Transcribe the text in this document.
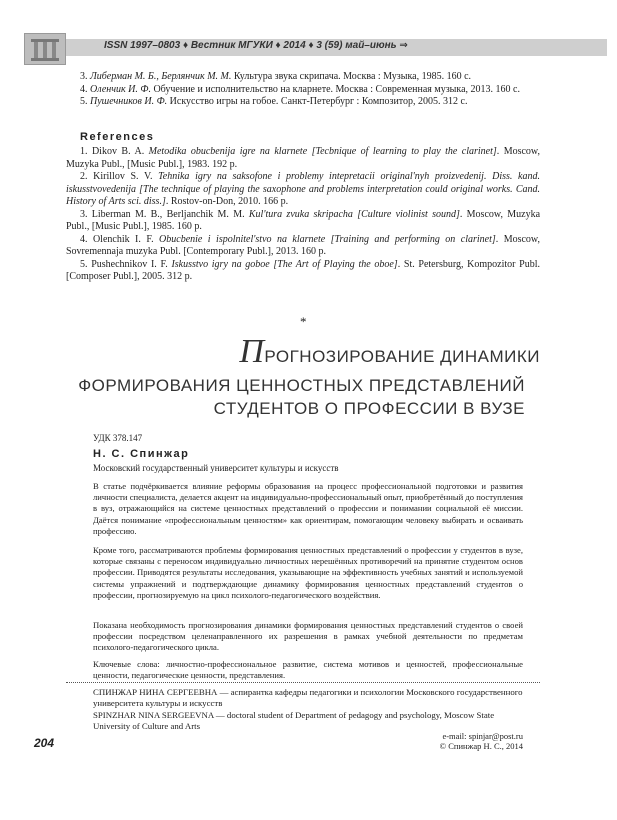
ISSN 1997–0803 ♦ Вестник МГУКИ ♦ 2014 ♦ 3 (59) май–июнь ⇒

3. Либерман М. Б., Берлянчик М. М. Культура звука скрипача. Москва : Музыка, 1985. 160 с.

4. Оленчик И. Ф. Обучение и исполнительство на кларнете. Москва : Современная музыка, 2013. 160 с.

5. Пушечников И. Ф. Искусство игры на гобое. Санкт-Петербург : Композитор, 2005. 312 с.

References

1. Dikov B. A. Metodika obucbenija igre na klarnete [Tecbnique of learning to play the clarinet]. Moscow, Muzyka Publ., [Music Publ.], 1983. 192 p.

2. Kirillov S. V. Tehnika igry na saksofone i problemy intepretacii original'nyh proizvedenij. Diss. kand. iskusstvovedenija [The technique of playing the saxophone and problems interpretation could original works. Cand. History of Arts sci. diss.]. Rostov-on-Don, 2010. 166 p.

3. Liberman M. B., Berljanchik M. M. Kul'tura zvuka skripacha [Culture violinist sound]. Moscow, Muzyka Publ., [Music Publ.], 1985. 160 p.

4. Olenchik I. F. Obucbenie i ispolnitel'stvo na klarnete [Training and performing on clarinet]. Moscow, Sovremennaja muzyka Publ. [Contemporary Publ.], 2013. 160 p.

5. Pushechnikov I. F. Iskusstvo igry na goboe [The Art of Playing the oboe]. St. Petersburg, Kompozitor Publ. [Composer Publ.], 2005. 312 p.

*
ПРОГНОЗИРОВАНИЕ ДИНАМИКИ
ФОРМИРОВАНИЯ ЦЕННОСТНЫХ ПРЕДСТАВЛЕНИЙ
СТУДЕНТОВ О ПРОФЕССИИ В ВУЗЕ
УДК 378.147
Н. С. Спинжар
Московский государственный университет культуры и искусств
В статье подчёркивается влияние реформы образования на процесс профессиональной подготовки и развития личности специалиста, делается акцент на индивидуально-профессиональный опыт, приобретённый до поступления в вуз, отражающийся на системе ценностных представлений о профессии и понимании социальной её миссии. Даётся понимание «профессиональным ценностям» как ориентирам, помогающим человеку выбирать и осваивать профессию.
Кроме того, рассматриваются проблемы формирования ценностных представлений о профессии у студентов в вузе, которые связаны с переносом индивидуально личностных нерешённых противоречий на принятие студентом основ профессии. Приводятся результаты исследования, указывающие на эффективность учебных занятий и используемой системы упражнений и подтверждающие динамику формирования ценностных представлений студентов о профессии, прогнозируемую на цикл психолого-педагогического воздействия.
Показана необходимость прогнозирования динамики формирования ценностных представлений студентов о своей профессии посредством целенаправленного их разрешения в рамках учебной деятельности по предметам психолого-педагогического цикла.
Ключевые слова: личностно-профессиональное развитие, система мотивов и ценностей, профессиональные ценности, педагогические ценности, представления.
СПИНЖАР НИНА СЕРГЕЕВНА — аспирантка кафедры педагогики и психологии Московского государственного университета культуры и искусств
SPINZHAR NINA SERGEEVNA — doctoral student of Department of pedagogy and psychology, Moscow State University of Culture and Arts
e-mail: spinjar@post.ru
© Спинжар Н. С., 2014
204
